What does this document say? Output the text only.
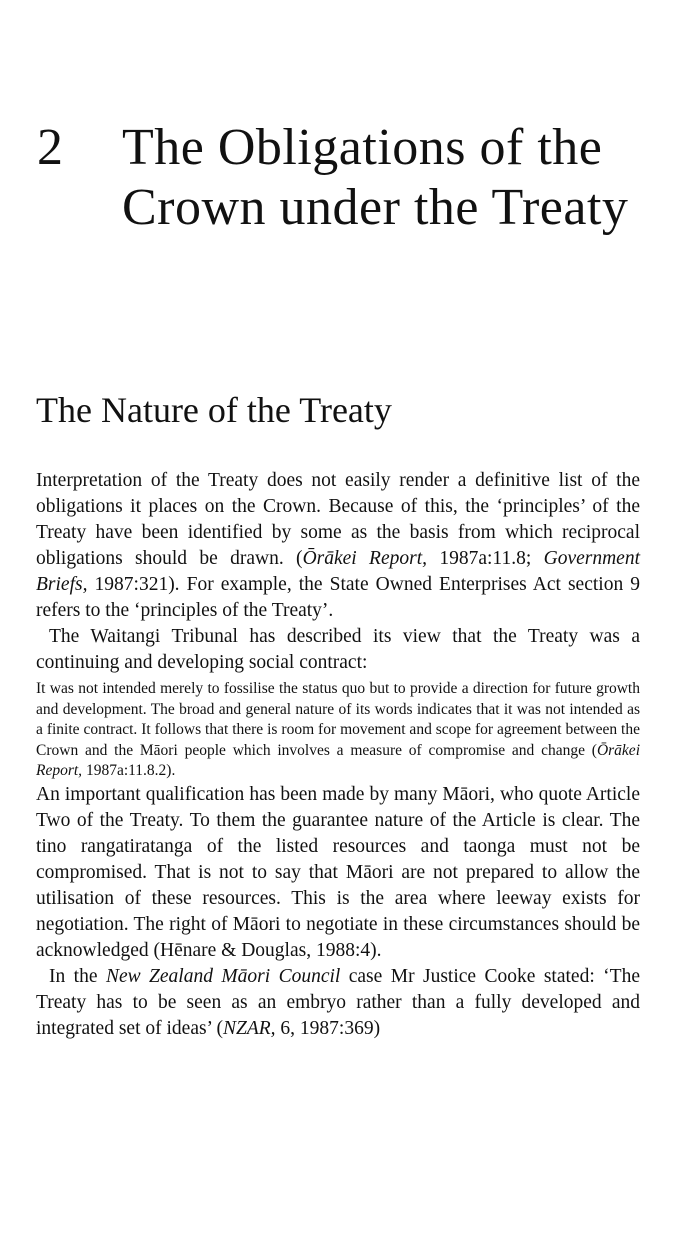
2 The Obligations of the
Crown under the Treaty
The Nature of the Treaty

Interpretation of the Treaty does not easily render a definitive list of the obligations it places on the Crown. Because of this, the ‘principles’ of the Treaty have been identified by some as the basis from which reciprocal obligations should be drawn. (Ōrākei Report, 1987a:11.8; Government Briefs, 1987:321). For example, the State Owned Enterprises Act section 9 refers to the ‘principles of the Treaty’.

The Waitangi Tribunal has described its view that the Treaty was a continuing and developing social contract:

It was not intended merely to fossilise the status quo but to provide a direction for future growth and development. The broad and general nature of its words indicates that it was not intended as a finite contract. It follows that there is room for movement and scope for agreement between the Crown and the Māori people which involves a measure of compromise and change (Ōrākei Report, 1987a:11.8.2).

An important qualification has been made by many Māori, who quote Article Two of the Treaty. To them the guarantee nature of the Article is clear. The tino rangatiratanga of the listed resources and taonga must not be compromised. That is not to say that Māori are not prepared to allow the utilisation of these resources. This is the area where leeway exists for negotiation. The right of Māori to negotiate in these circumstances should be acknowledged (Hēnare & Douglas, 1988:4).

In the New Zealand Māori Council case Mr Justice Cooke stated: ‘The Treaty has to be seen as an embryo rather than a fully developed and integrated set of ideas’ (NZAR, 6, 1987:369)
